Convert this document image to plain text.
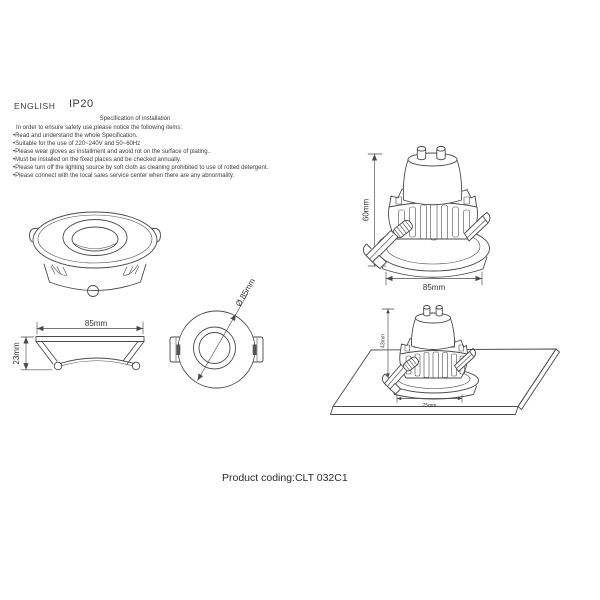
ENGLISH IP20
Specification of installation
In order to ensure safety use,please notice the following items:
•Read and understand the whole Specification.
•Suitable for the use of 220~240V and 50~60Hz
•Please wear gloves as installment and avoid rot on the surface of plating..
•Must be installed on the fixed places and be checked annually.
•Please turn off the lighting source by soft cloth as cleaning prohibited to use of rotted detergent.
•Please connect with the local sales service center when there are any abnormality.
85mm
23mm
Ø 85mm
60mm
85mm
43mm
75mm
Product coding:CLT 032C1
